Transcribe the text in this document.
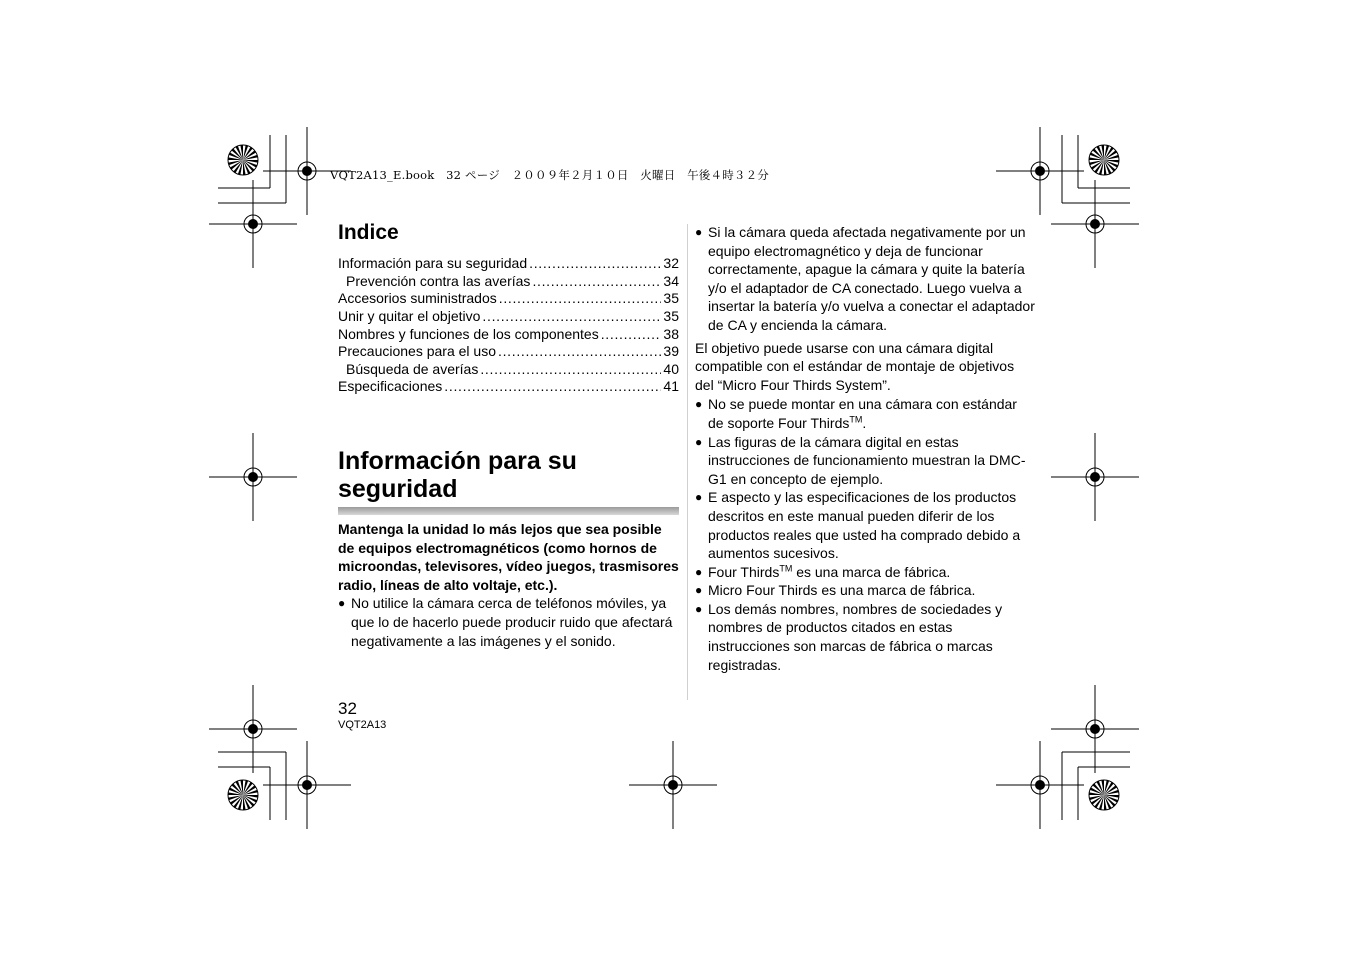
VQT2A13_E.book　32 ページ　２００９年２月１０日　火曜日　午後４時３２分
Indice
Información para su seguridad . . .	32
Prevención contra las averías . . .	34
Accesorios suministrados . . .	35
Unir y quitar el objetivo . . .	35
Nombres y funciones de los componentes . . .	38
Precauciones para el uso . . .	39
Búsqueda de averías . . .	40
Especificaciones . . .	41
Información para su seguridad

Mantenga la unidad lo más lejos que sea posible de equipos electromagnéticos (como hornos de microondas, televisores, vídeo juegos, trasmisores radio, líneas de alto voltaje, etc.).

● No utilice la cámara cerca de teléfonos móviles, ya que lo de hacerlo puede producir ruido que afectará negativamente a las imágenes y el sonido.

● Si la cámara queda afectada negativamente por un equipo electromagnético y deja de funcionar correctamente, apague la cámara y quite la batería y/o el adaptador de CA conectado. Luego vuelva a insertar la batería y/o vuelva a conectar el adaptador de CA y encienda la cámara.

El objetivo puede usarse con una cámara digital compatible con el estándar de montaje de objetivos del “Micro Four Thirds System”.

● No se puede montar en una cámara con estándar de soporte Four Thirds™.

● Las figuras de la cámara digital en estas instrucciones de funcionamiento muestran la DMC-G1 en concepto de ejemplo.

● E aspecto y las especificaciones de los productos descritos en este manual pueden diferir de los productos reales que usted ha comprado debido a aumentos sucesivos.

● Four Thirds™ es una marca de fábrica.

● Micro Four Thirds es una marca de fábrica.

● Los demás nombres, nombres de sociedades y nombres de productos citados en estas instrucciones son marcas de fábrica o marcas registradas.

32
VQT2A13
